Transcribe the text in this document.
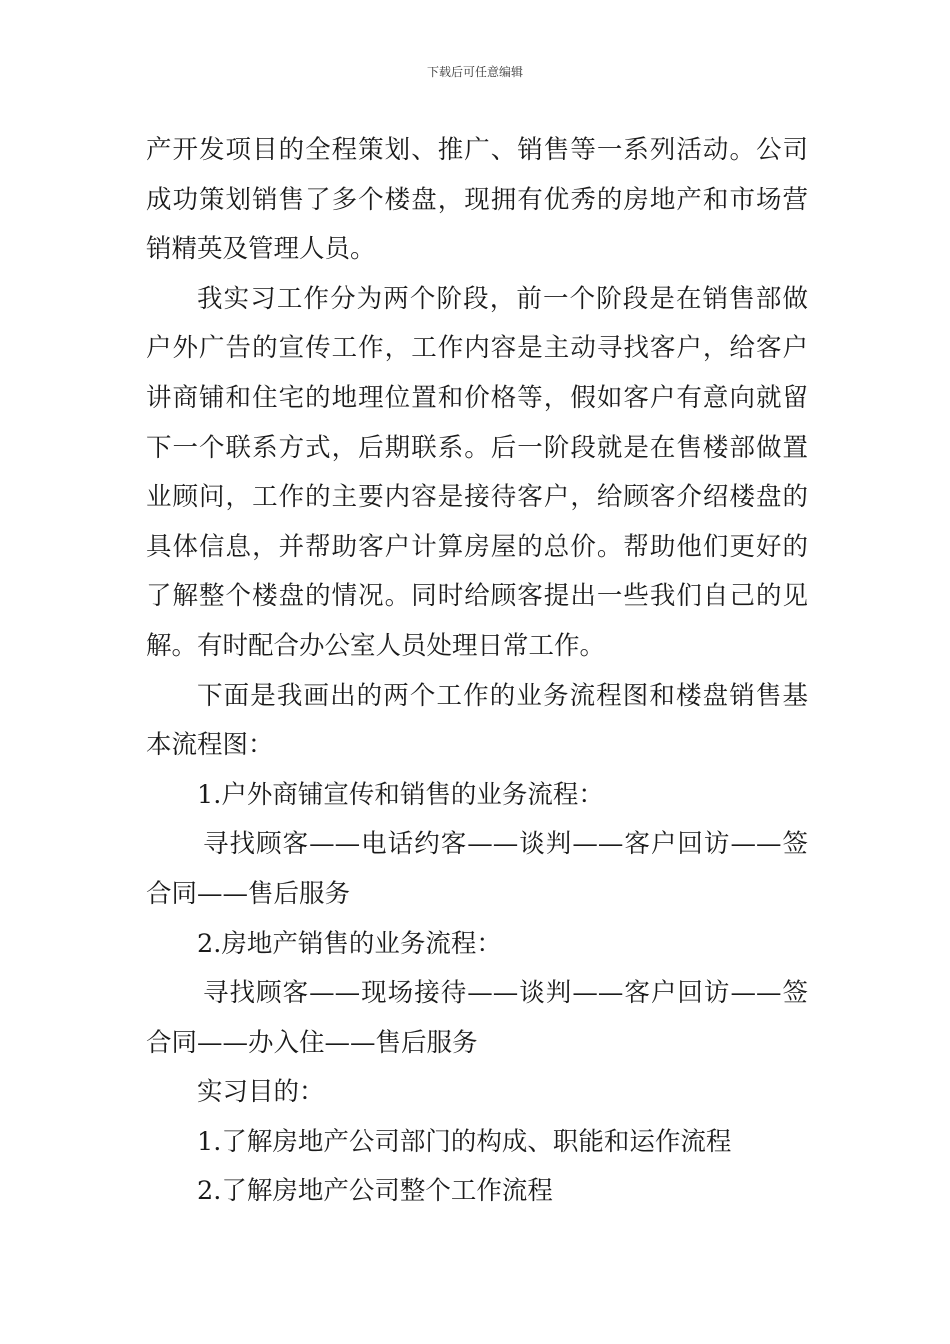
下载后可任意编辑

产开发项目的全程策划、推广、销售等一系列活动。公司成功策划销售了多个楼盘，现拥有优秀的房地产和市场营销精英及管理人员。

我实习工作分为两个阶段，前一个阶段是在销售部做户外广告的宣传工作，工作内容是主动寻找客户，给客户讲商铺和住宅的地理位置和价格等，假如客户有意向就留下一个联系方式，后期联系。后一阶段就是在售楼部做置业顾问，工作的主要内容是接待客户，给顾客介绍楼盘的具体信息，并帮助客户计算房屋的总价。帮助他们更好的了解整个楼盘的情况。同时给顾客提出一些我们自己的见解。有时配合办公室人员处理日常工作。

下面是我画出的两个工作的业务流程图和楼盘销售基本流程图：

1.户外商铺宣传和销售的业务流程：

寻找顾客——电话约客——谈判——客户回访——签合同——售后服务

2.房地产销售的业务流程：

寻找顾客——现场接待——谈判——客户回访——签合同——办入住——售后服务

实习目的：

1.了解房地产公司部门的构成、职能和运作流程

2.了解房地产公司整个工作流程
